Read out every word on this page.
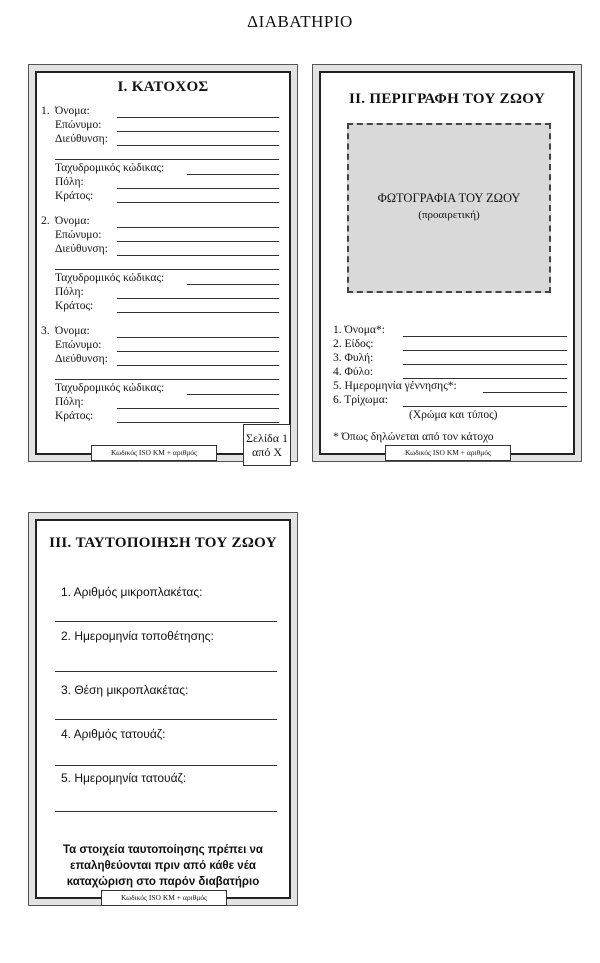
ΔΙΑΒΑΤΗΡΙΟ
I. ΚΑΤΟΧΟΣ
1. Όνομα:
Επώνυμο:
Διεύθυνση:
Ταχυδρομικός κώδικας:
Πόλη:
Κράτος:
2. Όνομα:
Επώνυμο:
Διεύθυνση:
Ταχυδρομικός κώδικας:
Πόλη:
Κράτος:
3. Όνομα:
Επώνυμο:
Διεύθυνση:
Ταχυδρομικός κώδικας:
Πόλη:
Κράτος:
Σελίδα 1
από Χ
Κωδικός ISO KM + αριθμός
II. ΠΕΡΙΓΡΑΦΗ ΤΟΥ ΖΩΟΥ
ΦΩΤΟΓΡΑΦΙΑ ΤΟΥ ΖΩΟΥ
(προαιρετική)
1. Όνομα*:
2. Είδος:
3. Φυλή:
4. Φύλο:
5. Ημερομηνία γέννησης*:
6. Τρίχωμα:
(Χρώμα και τύπος)
* Όπως δηλώνεται από τον κάτοχο
Κωδικός ISO KM + αριθμός
III. ΤΑΥΤΟΠΟΙΗΣΗ ΤΟΥ ΖΩΟΥ
1. Αριθμός μικροπλακέτας:
2. Ημερομηνία τοποθέτησης:
3. Θέση μικροπλακέτας:
4. Αριθμός τατουάζ:
5. Ημερομηνία τατουάζ:
Τα στοιχεία ταυτοποίησης πρέπει να
επαληθεύονται πριν από κάθε νέα
καταχώριση στο παρόν διαβατήριο
Κωδικός ISO KM + αριθμός
